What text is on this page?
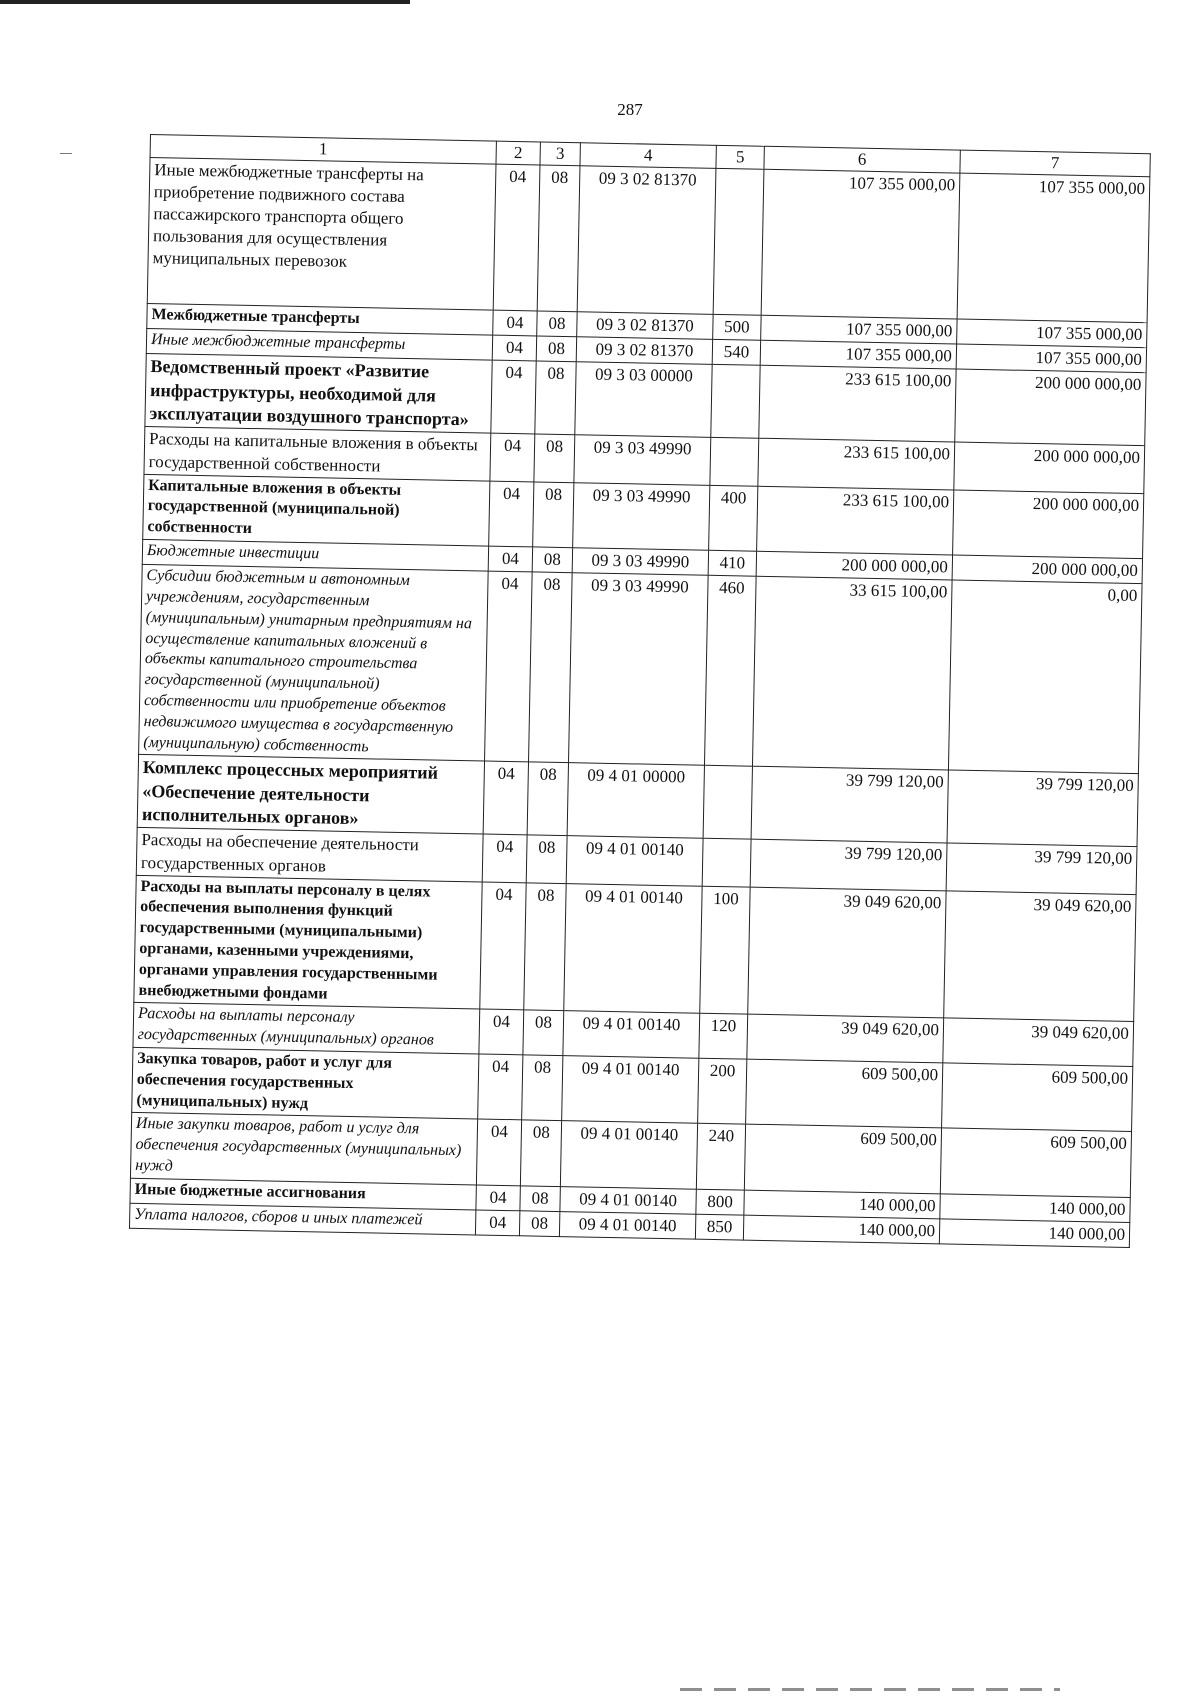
287
1	2	3	4	5	6	7
Иные межбюджетные трансферты на приобретение подвижного состава пассажирского транспорта общего пользования для осуществления муниципальных перевозок	04	08	09 3 02 81370		107 355 000,00	107 355 000,00
Межбюджетные трансферты	04	08	09 3 02 81370	500	107 355 000,00	107 355 000,00
Иные межбюджетные трансферты	04	08	09 3 02 81370	540	107 355 000,00	107 355 000,00
Ведомственный проект «Развитие инфраструктуры, необходимой для эксплуатации воздушного транспорта»	04	08	09 3 03 00000		233 615 100,00	200 000 000,00
Расходы на капитальные вложения в объекты государственной собственности	04	08	09 3 03 49990		233 615 100,00	200 000 000,00
Капитальные вложения в объекты государственной (муниципальной) собственности	04	08	09 3 03 49990	400	233 615 100,00	200 000 000,00
Бюджетные инвестиции	04	08	09 3 03 49990	410	200 000 000,00	200 000 000,00
Субсидии бюджетным и автономным учреждениям, государственным (муниципальным) унитарным предприятиям на осуществление капитальных вложений в объекты капитального строительства государственной (муниципальной) собственности или приобретение объектов недвижимого имущества в государственную (муниципальную) собственность	04	08	09 3 03 49990	460	33 615 100,00	0,00
Комплекс процессных мероприятий «Обеспечение деятельности исполнительных органов»	04	08	09 4 01 00000		39 799 120,00	39 799 120,00
Расходы на обеспечение деятельности государственных органов	04	08	09 4 01 00140		39 799 120,00	39 799 120,00
Расходы на выплаты персоналу в целях обеспечения выполнения функций государственными (муниципальными) органами, казенными учреждениями, органами управления государственными внебюджетными фондами	04	08	09 4 01 00140	100	39 049 620,00	39 049 620,00
Расходы на выплаты персоналу государственных (муниципальных) органов	04	08	09 4 01 00140	120	39 049 620,00	39 049 620,00
Закупка товаров, работ и услуг для обеспечения государственных (муниципальных) нужд	04	08	09 4 01 00140	200	609 500,00	609 500,00
Иные закупки товаров, работ и услуг для обеспечения государственных (муниципальных) нужд	04	08	09 4 01 00140	240	609 500,00	609 500,00
Иные бюджетные ассигнования	04	08	09 4 01 00140	800	140 000,00	140 000,00
Уплата налогов, сборов и иных платежей	04	08	09 4 01 00140	850	140 000,00	140 000,00
